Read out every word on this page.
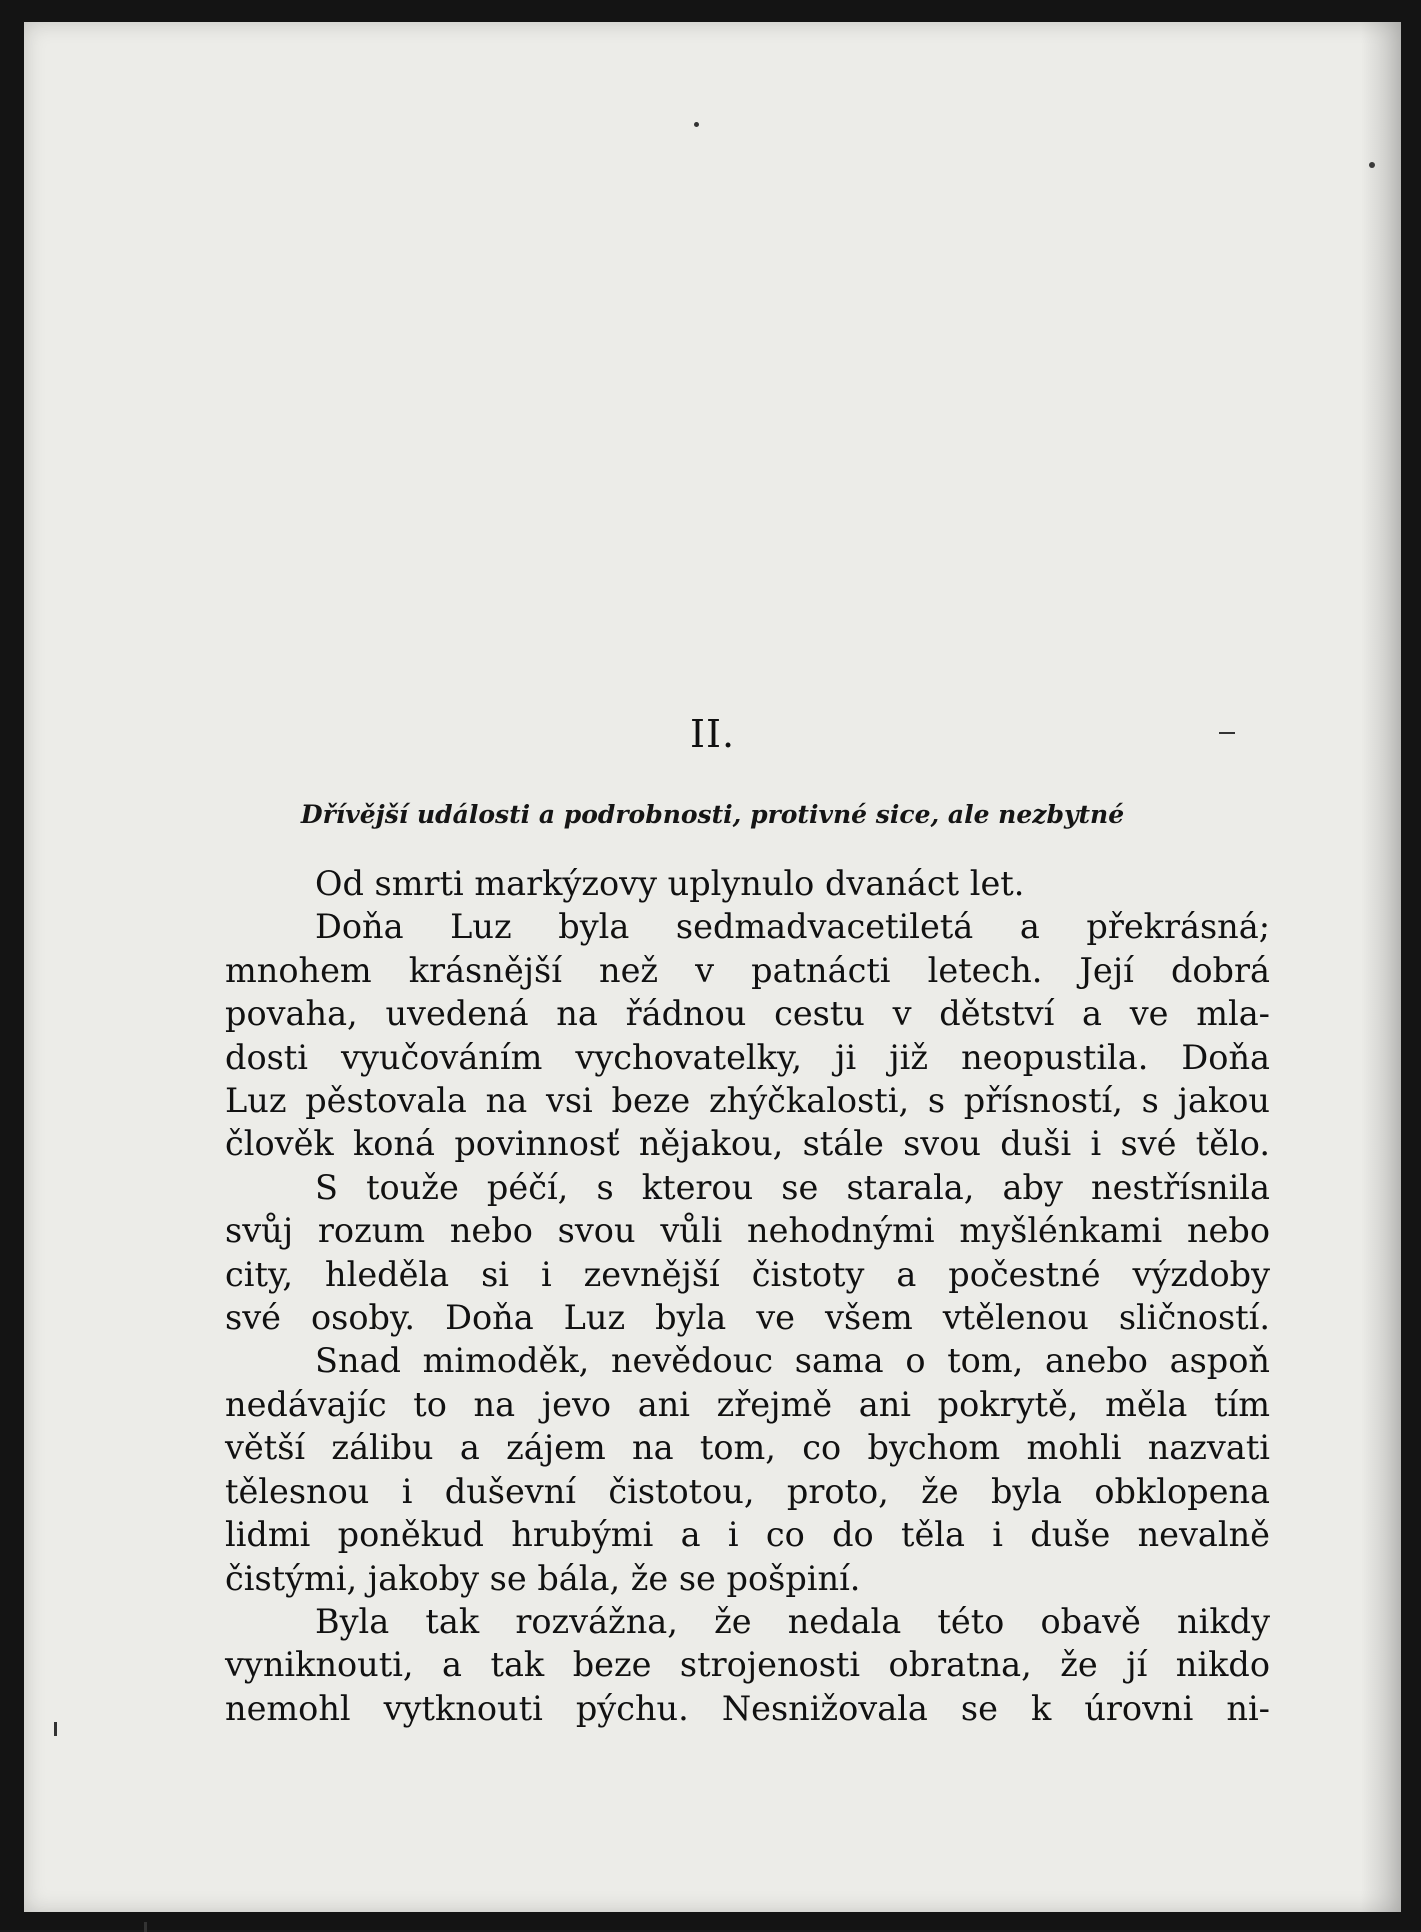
II.
Dřívější události a podrobnosti, protivné sice, ale nezbytné
Od smrti markýzovy uplynulo dvanáct let.
Doňa Luz byla sedmadvacetiletá a překrásná;
mnohem krásnější než v patnácti letech. Její dobrá
povaha, uvedená na řádnou cestu v dětství a ve mla-
dosti vyučováním vychovatelky, ji již neopustila. Doňa
Luz pěstovala na vsi beze zhýčkalosti, s přísností, s jakou
člověk koná povinnosť nějakou, stále svou duši i své tělo.
S touže péčí, s kterou se starala, aby nestřísnila
svůj rozum nebo svou vůli nehodnými myšlénkami nebo
city, hleděla si i zevnější čistoty a počestné výzdoby
své osoby. Doňa Luz byla ve všem vtělenou sličností.
Snad mimoděk, nevědouc sama o tom, anebo aspoň
nedávajíc to na jevo ani zřejmě ani pokrytě, měla tím
větší zálibu a zájem na tom, co bychom mohli nazvati
tělesnou i duševní čistotou, proto, že byla obklopena
lidmi poněkud hrubými a i co do těla i duše nevalně
čistými, jakoby se bála, že se pošpiní.
Byla tak rozvážna, že nedala této obavě nikdy
vyniknouti, a tak beze strojenosti obratna, že jí nikdo
nemohl vytknouti pýchu. Nesnižovala se k úrovni ni-
